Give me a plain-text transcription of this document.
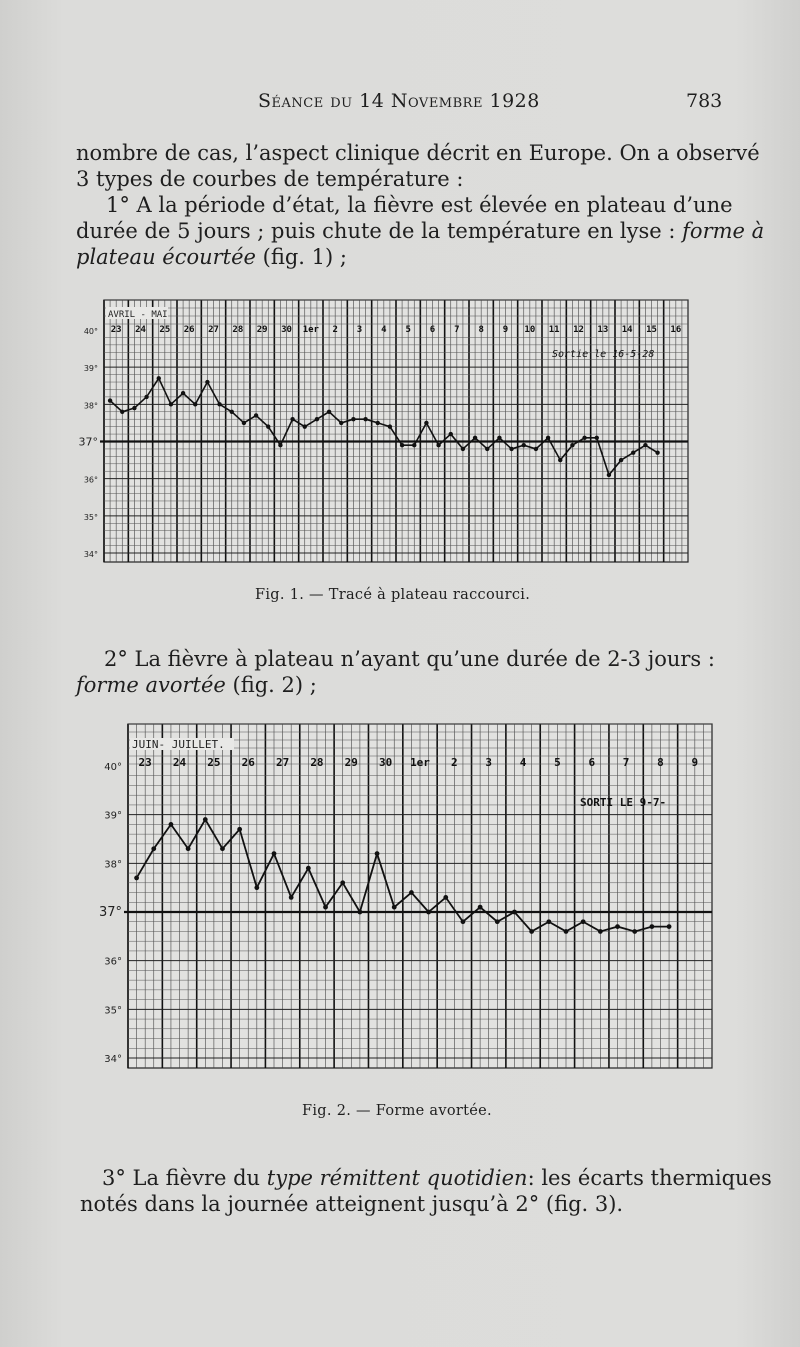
Séance du 14 Novembre 1928	783
nombre de cas, l’aspect clinique décrit en Europe. On a observé
3 types de courbes de température :
1° A la période d’état, la fièvre est élevée en plateau d’une
durée de 5 jours ; puis chute de la température en lyse : forme à
plateau écourtée (fig. 1) ;
40°
39°
38°
37°
36°
35°
34°
AVRIL - MAI
23 24 25 26 27 28 29 30 1er 2 3 4 5 6 7 8 9 10 11 12 13 14 15 16
Sortie le 16-5-28
Fig. 1. — Tracé à plateau raccourci.
2° La fièvre à plateau n’ayant qu’une durée de 2-3 jours :
forme avortée (fig. 2) ;
40°
39°
38°
37°
36°
35°
34°
JUIN- JUILLET.
23 24 25 26 27 28 29 30 1er 2	3	4	5	6	7	8	9
SORTI LE 9-7-
Fig. 2. — Forme avortée.
3° La fièvre du type rémittent quotidien: les écarts thermiques
notés dans la journée atteignent jusqu’à 2° (fig. 3).
